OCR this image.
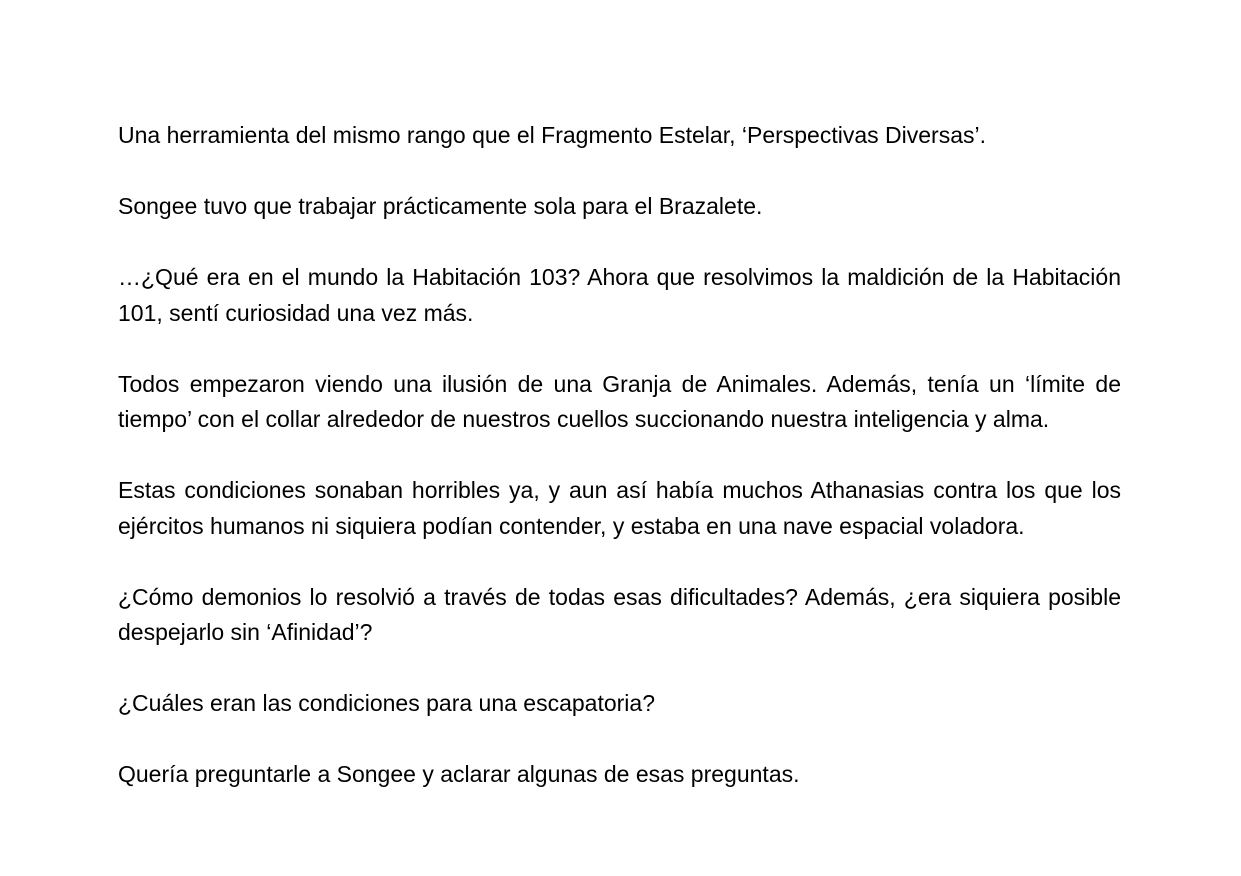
Una herramienta del mismo rango que el Fragmento Estelar, ‘Perspectivas Diversas’.

Songee tuvo que trabajar prácticamente sola para el Brazalete.

…¿Qué era en el mundo la Habitación 103? Ahora que resolvimos la maldición de la Habitación 101, sentí curiosidad una vez más.

Todos empezaron viendo una ilusión de una Granja de Animales. Además, tenía un ‘límite de tiempo’ con el collar alrededor de nuestros cuellos succionando nuestra inteligencia y alma.

Estas condiciones sonaban horribles ya, y aun así había muchos Athanasias contra los que los ejércitos humanos ni siquiera podían contender, y estaba en una nave espacial voladora.

¿Cómo demonios lo resolvió a través de todas esas dificultades? Además, ¿era siquiera posible despejarlo sin ‘Afinidad’?

¿Cuáles eran las condiciones para una escapatoria?

Quería preguntarle a Songee y aclarar algunas de esas preguntas.
